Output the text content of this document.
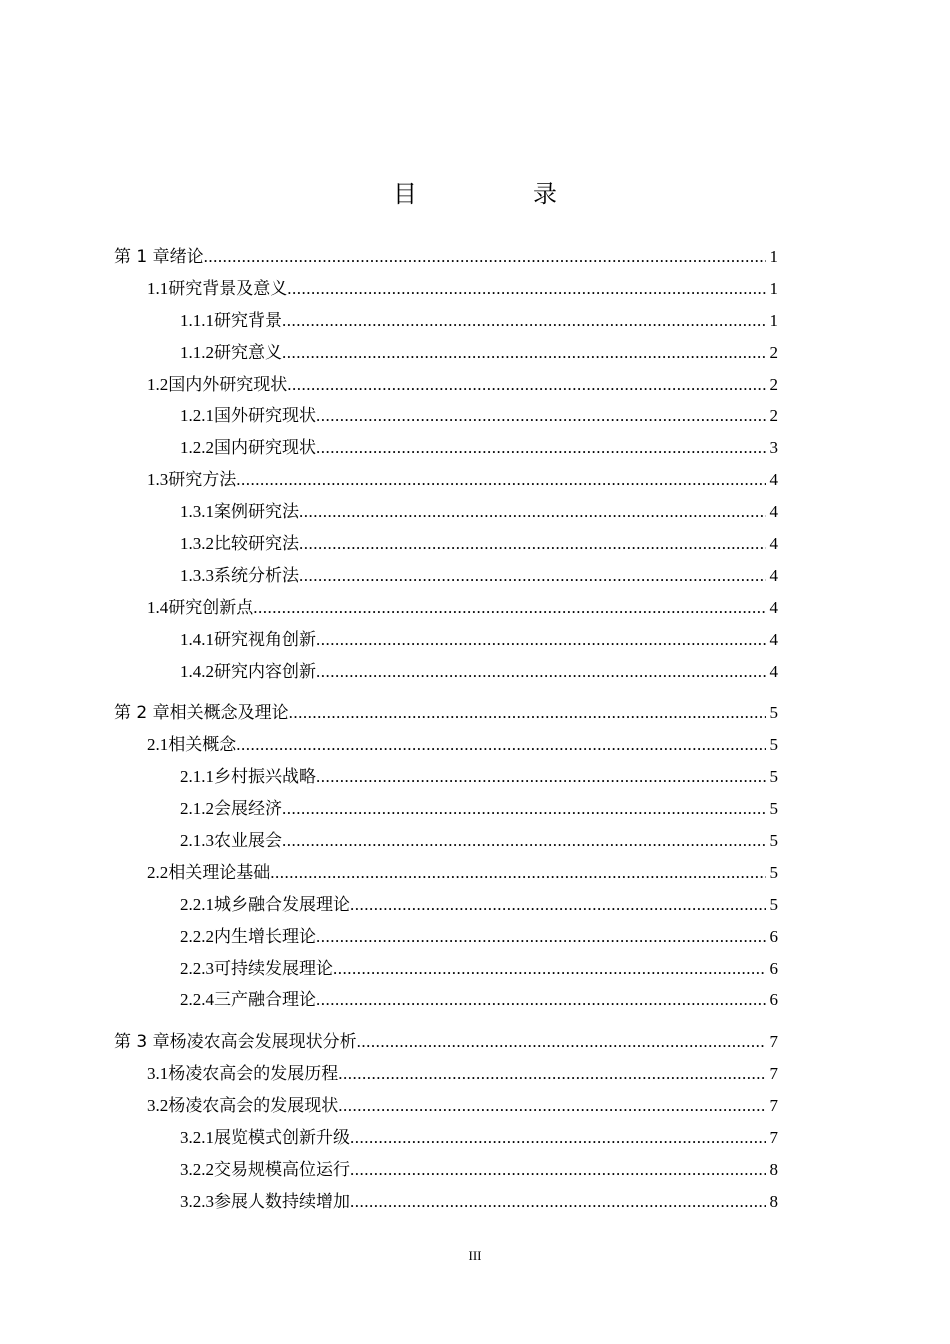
目　录
第 1 章 绪论 .....	1
1.1 研究背景及意义 .....	1
1.1.1 研究背景 .....	1
1.1.2 研究意义 .....	2
1.2 国内外研究现状 .....	2
1.2.1 国外研究现状 .....	2
1.2.2 国内研究现状 .....	3
1.3 研究方法 .....	4
1.3.1 案例研究法 .....	4
1.3.2 比较研究法 .....	4
1.3.3 系统分析法 .....	4
1.4 研究创新点 .....	4
1.4.1 研究视角创新 .....	4
1.4.2 研究内容创新 .....	4
第 2 章 相关概念及理论 .....	5
2.1 相关概念 .....	5
2.1.1 乡村振兴战略 .....	5
2.1.2 会展经济 .....	5
2.1.3 农业展会 .....	5
2.2 相关理论基础 .....	5
2.2.1 城乡融合发展理论 .....	5
2.2.2 内生增长理论 .....	6
2.2.3 可持续发展理论 .....	6
2.2.4 三产融合理论 .....	6
第 3 章 杨凌农高会发展现状分析 .....	7
3.1 杨凌农高会的发展历程 .....	7
3.2 杨凌农高会的发展现状 .....	7
3.2.1 展览模式创新升级 .....	7
3.2.2 交易规模高位运行 .....	8
3.2.3 参展人数持续增加 .....	8
III
